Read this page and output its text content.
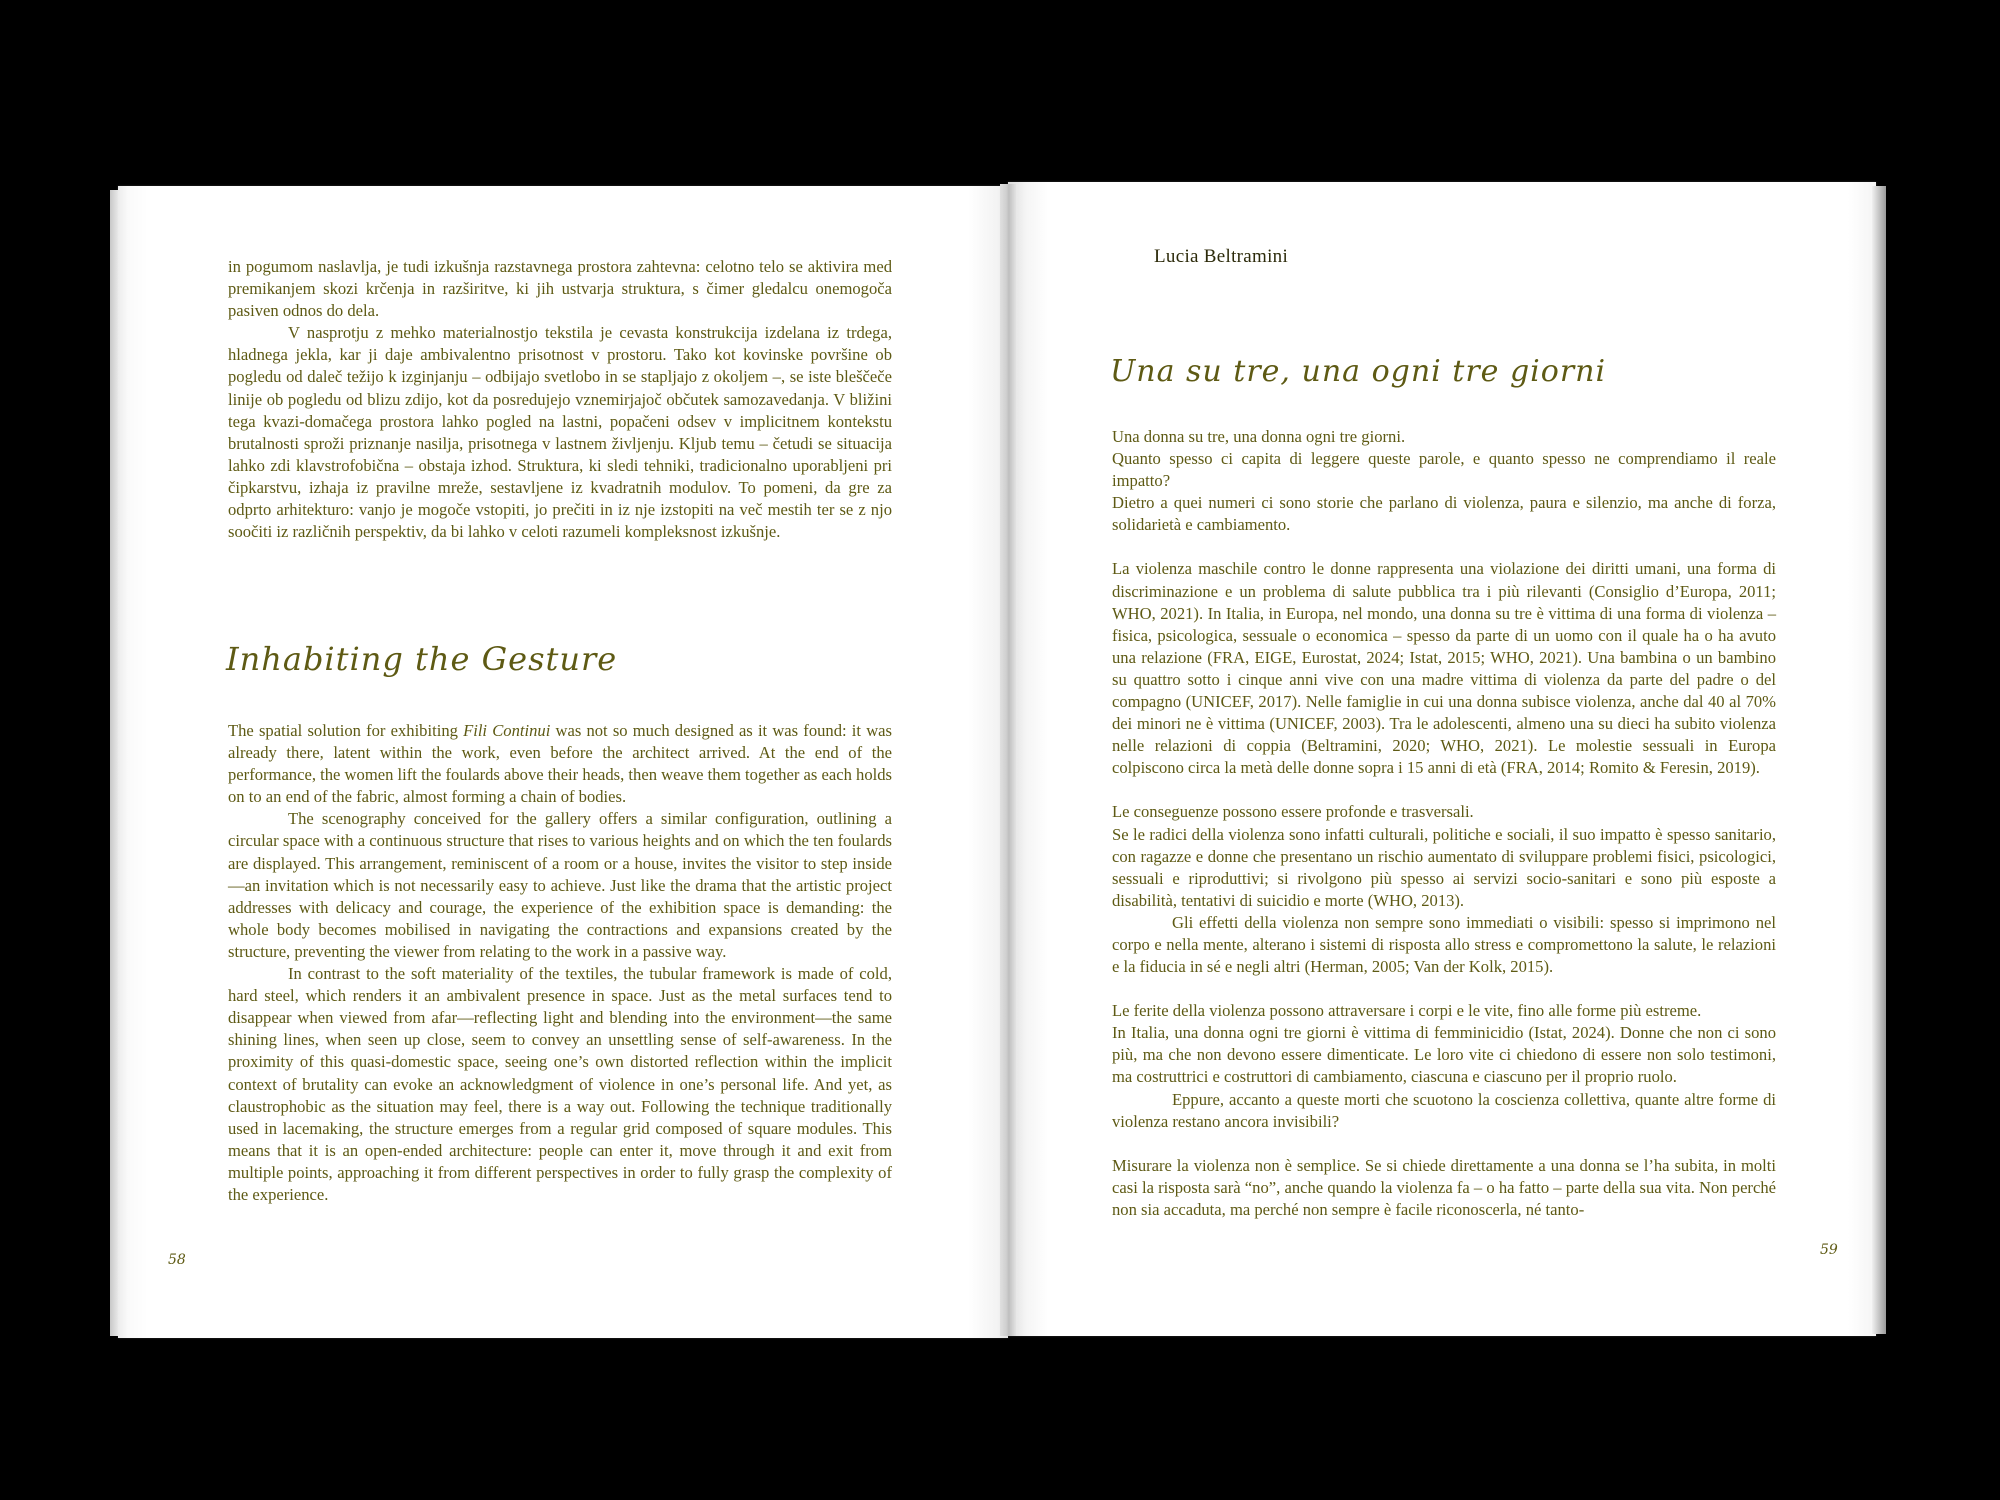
in pogumom naslavlja, je tudi izkušnja razstavnega prostora zahtevna: celotno telo se aktivira med premikanjem skozi krčenja in razširitve, ki jih ustvarja struktura, s čimer gledalcu onemogoča pasiven odnos do dela.

V nasprotju z mehko materialnostjo tekstila je cevasta konstrukcija izdelana iz trdega, hladnega jekla, kar ji daje ambivalentno prisotnost v prostoru. Tako kot kovinske površine ob pogledu od daleč težijo k izginjanju – odbijajo svetlobo in se stapljajo z okoljem –, se iste bleščeče linije ob pogledu od blizu zdijo, kot da posredujejo vznemirjajoč občutek samozavedanja. V bližini tega kvazi-domačega prostora lahko pogled na lastni, popačeni odsev v implicitnem kontekstu brutalnosti sproži priznanje nasilja, prisotnega v lastnem življenju. Kljub temu – četudi se situacija lahko zdi klavstrofobična – obstaja izhod. Struktura, ki sledi tehniki, tradicionalno uporabljeni pri čipkarstvu, izhaja iz pravilne mreže, sestavljene iz kvadratnih modulov. To pomeni, da gre za odprto arhitekturo: vanjo je mogoče vstopiti, jo prečiti in iz nje izstopiti na več mestih ter se z njo soočiti iz različnih perspektiv, da bi lahko v celoti razumeli kompleksnost izkušnje.

Inhabiting the Gesture

The spatial solution for exhibiting Fili Continui was not so much designed as it was found: it was already there, latent within the work, even before the architect arrived. At the end of the performance, the women lift the foulards above their heads, then weave them together as each holds on to an end of the fabric, almost forming a chain of bodies.

The scenography conceived for the gallery offers a similar configuration, outlining a circular space with a continuous structure that rises to various heights and on which the ten foulards are displayed. This arrangement, reminiscent of a room or a house, invites the visitor to step inside—an invitation which is not necessarily easy to achieve. Just like the drama that the artistic project addresses with delicacy and courage, the experience of the exhibition space is demanding: the whole body becomes mobilised in navigating the contractions and expansions created by the structure, preventing the viewer from relating to the work in a passive way.

In contrast to the soft materiality of the textiles, the tubular framework is made of cold, hard steel, which renders it an ambivalent presence in space. Just as the metal surfaces tend to disappear when viewed from afar—reflecting light and blending into the environment—the same shining lines, when seen up close, seem to convey an unsettling sense of self-awareness. In the proximity of this quasi-domestic space, seeing one’s own distorted reflection within the implicit context of brutality can evoke an acknowledgment of violence in one’s personal life. And yet, as claustrophobic as the situation may feel, there is a way out. Following the technique traditionally used in lacemaking, the structure emerges from a regular grid composed of square modules. This means that it is an open-ended architecture: people can enter it, move through it and exit from multiple points, approaching it from different perspectives in order to fully grasp the complexity of the experience.

58
Lucia Beltramini
Una su tre, una ogni tre giorni

Una donna su tre, una donna ogni tre giorni.

Quanto spesso ci capita di leggere queste parole, e quanto spesso ne comprendiamo il reale impatto?

Dietro a quei numeri ci sono storie che parlano di violenza, paura e silenzio, ma anche di forza, solidarietà e cambiamento.

La violenza maschile contro le donne rappresenta una violazione dei diritti umani, una forma di discriminazione e un problema di salute pubblica tra i più rilevanti (Consiglio d’Europa, 2011; WHO, 2021). In Italia, in Europa, nel mondo, una donna su tre è vittima di una forma di violenza – fisica, psicologica, sessuale o economica – spesso da parte di un uomo con il quale ha o ha avuto una relazione (FRA, EIGE, Eurostat, 2024; Istat, 2015; WHO, 2021). Una bambina o un bambino su quattro sotto i cinque anni vive con una madre vittima di violenza da parte del padre o del compagno (UNICEF, 2017). Nelle famiglie in cui una donna subisce violenza, anche dal 40 al 70% dei minori ne è vittima (UNICEF, 2003). Tra le adolescenti, almeno una su dieci ha subito violenza nelle relazioni di coppia (Beltramini, 2020; WHO, 2021). Le molestie sessuali in Europa colpiscono circa la metà delle donne sopra i 15 anni di età (FRA, 2014; Romito & Feresin, 2019).

Le conseguenze possono essere profonde e trasversali.

Se le radici della violenza sono infatti culturali, politiche e sociali, il suo impatto è spesso sanitario, con ragazze e donne che presentano un rischio aumentato di sviluppare problemi fisici, psicologici, sessuali e riproduttivi; si rivolgono più spesso ai servizi socio-sanitari e sono più esposte a disabilità, tentativi di suicidio e morte (WHO, 2013).

Gli effetti della violenza non sempre sono immediati o visibili: spesso si imprimono nel corpo e nella mente, alterano i sistemi di risposta allo stress e compromettono la salute, le relazioni e la fiducia in sé e negli altri (Herman, 2005; Van der Kolk, 2015).

Le ferite della violenza possono attraversare i corpi e le vite, fino alle forme più estreme.

In Italia, una donna ogni tre giorni è vittima di femminicidio (Istat, 2024). Donne che non ci sono più, ma che non devono essere dimenticate. Le loro vite ci chiedono di essere non solo testimoni, ma costruttrici e costruttori di cambiamento, ciascuna e ciascuno per il proprio ruolo.

Eppure, accanto a queste morti che scuotono la coscienza collettiva, quante altre forme di violenza restano ancora invisibili?

Misurare la violenza non è semplice. Se si chiede direttamente a una donna se l’ha subita, in molti casi la risposta sarà “no”, anche quando la violenza fa – o ha fatto – parte della sua vita. Non perché non sia accaduta, ma perché non sempre è facile riconoscerla, né tanto-

59
